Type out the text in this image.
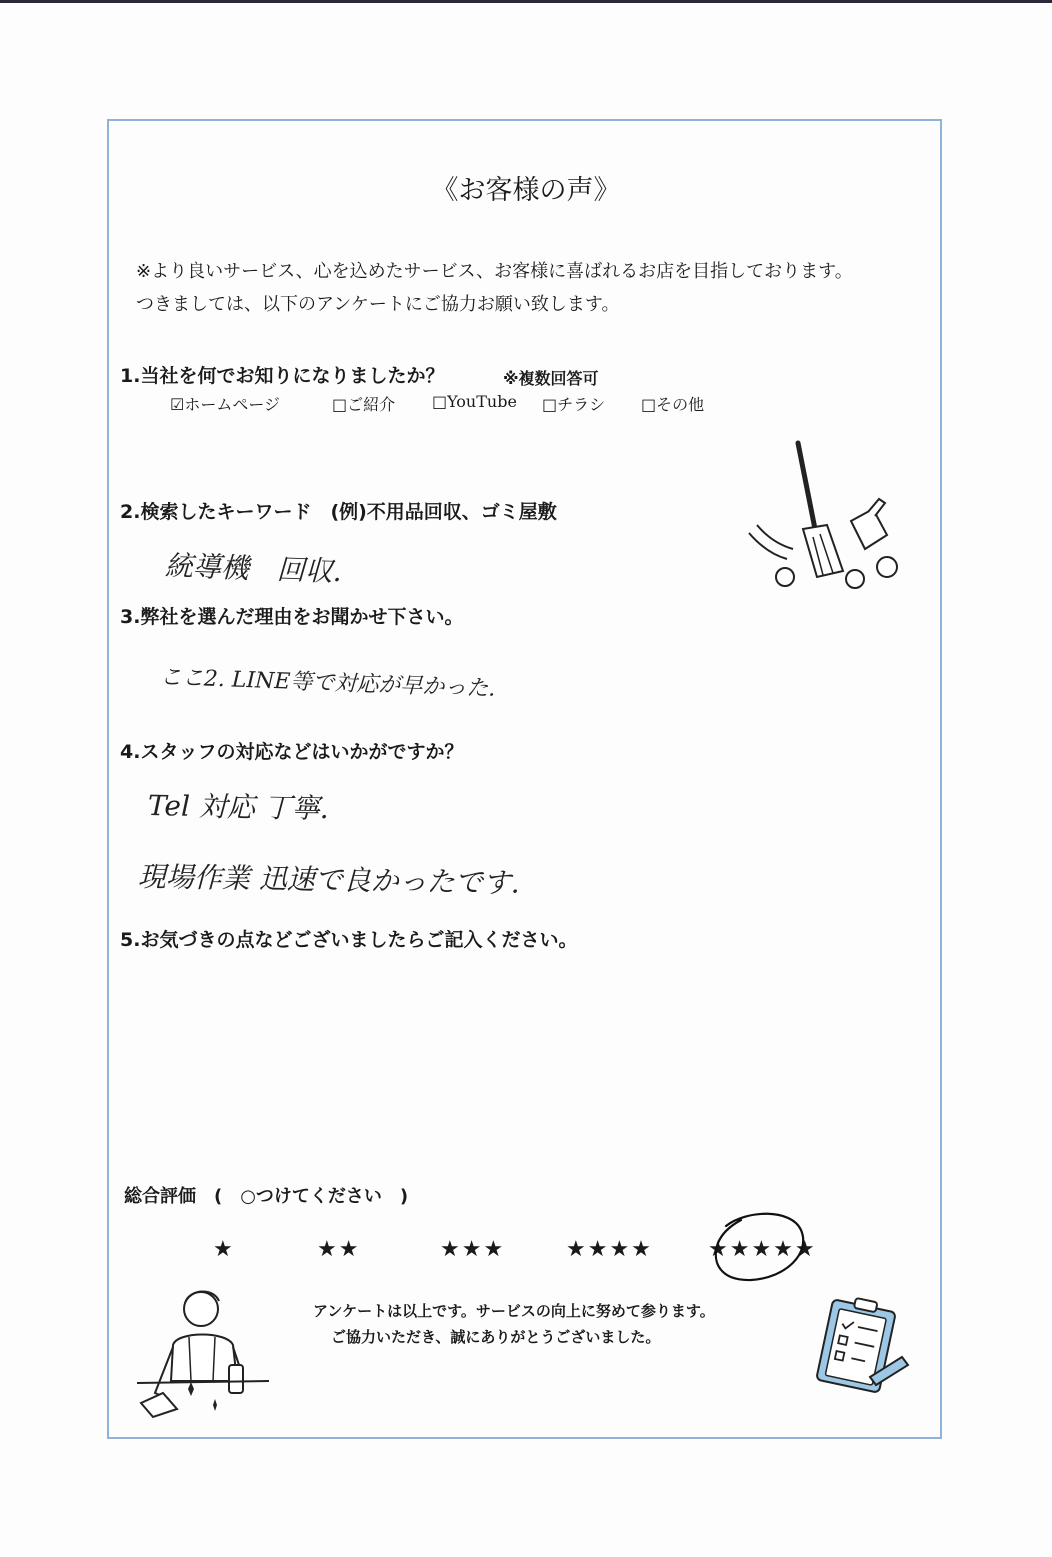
《お客様の声》
※より良いサービス、心を込めたサービス、お客様に喜ばれるお店を目指しております。
つきましては、以下のアンケートにご協力お願い致します。
1.当社を何でお知りになりましたか？	※複数回答可
☑ホームページ	□ご紹介 □YouTube □チラシ □その他
2.検索したキーワード　(例)不用品回収、ゴミ屋敷
統導機　回収.
3.弊社を選んだ理由をお聞かせ下さい。
ここ2. LINE等で対応が早かった.
4.スタッフの対応などはいかがですか？
Tel 対応 丁寧.
現場作業 迅速で良かったです.
5.お気づきの点などございましたらご記入ください。
総合評価　(　○つけてください　)
★	★★	★★★	★★★★	★★★★★
アンケートは以上です。サービスの向上に努めて参ります。
ご協力いただき、誠にありがとうございました。
